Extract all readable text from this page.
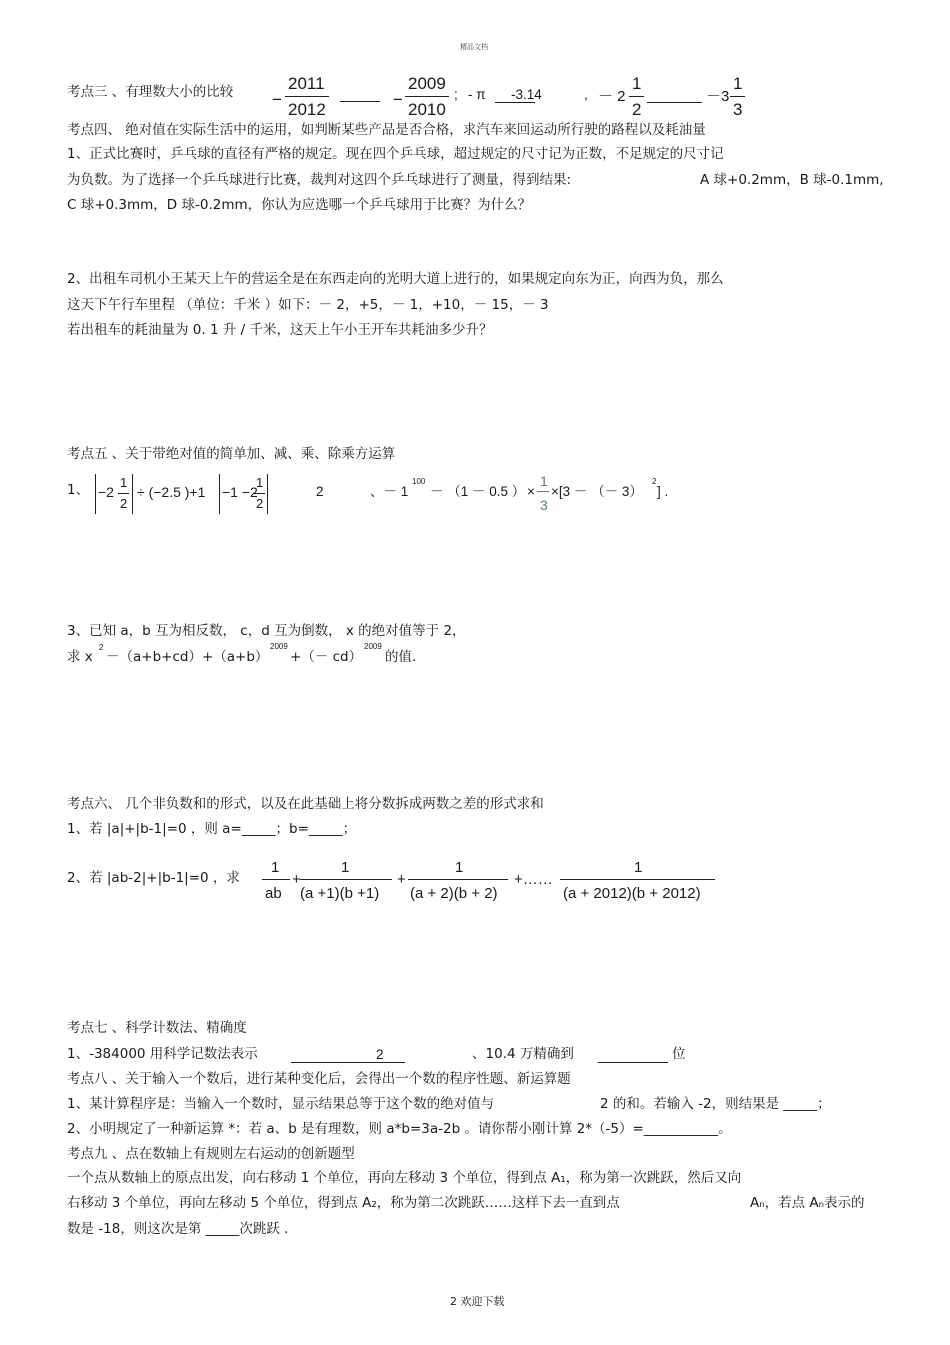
精品文档
2 欢迎下载
考点三 、有理数大小的比较 −
2011
2012
−
2009
2010
; - π -3.14	, － 2
1
2
－3
1
3
考点四、 绝对值在实际生活中的运用，如判断某些产品是否合格，求汽车来回运动所行驶的路程以及耗油量
1、正式比赛时，乒乓球的直径有严格的规定。现在四个乒乓球，超过规定的尺寸记为正数，不足规定的尺寸记
为负数。为了选择一个乒乓球进行比赛，裁判对这四个乒乓球进行了测量，得到结果:	A 球+0.2mm，B 球-0.1mm,
C 球+0.3mm，D 球-0.2mm，你认为应选哪一个乒乓球用于比赛？为什么？
2、出租车司机小王某天上午的营运全是在东西走向的光明大道上进行的，如果规定向东为正，向西为负，那么
这天下午行车里程 （单位：千米 ）如下：－ 2，+5，－ 1，+10，－ 15，－ 3
若出租车的耗油量为 0. 1 升 / 千米，这天上午小王开车共耗油多少升？
考点五 、关于带绝对值的简单加、减、乘、除乘方运算
1、 −2
1
2
÷ (−2.5 )+1 −1 −2
1
2
2	、－ 1
100
－ （1 － 0.5 ） ×
1
3
×[3 － （－ 3）
2
] .
3、已知 a，b 互为相反数， c，d 互为倒数， x 的绝对值等于 2，
求 x
2
－（a+b+cd）+（a+b）
2009
+（－ cd）
2009
的值.
考点六、 几个非负数和的形式，以及在此基础上将分数拆成两数之差的形式求和
1、若 |a|+|b-1|=0 ，则 a=_____；b=_____；
2、若 |ab-2|+|b-1|=0 ，求
1
ab
+
1
(a +1)(b +1)
+
1
(a + 2)(b + 2)
+……
1
(a + 2012)(b + 2012)
考点七 、科学计数法、精确度
1、-384000 用科学记数法表示	2	、10.4 万精确到	位
考点八 、关于输入一个数后，进行某种变化后，会得出一个数的程序性题、新运算题
1、某计算程序是：当输入一个数时，显示结果总等于这个数的绝对值与	2 的和。若输入 -2，则结果是 _____；
2、小明规定了一种新运算 *：若 a、b 是有理数，则 a*b=3a-2b 。请你帮小刚计算 2*（-5）=___________。
考点九 、点在数轴上有规则左右运动的创新题型
一个点从数轴上的原点出发，向右移动 1 个单位，再向左移动 3 个单位，得到点 A₁，称为第一次跳跃，然后又向
右移动 3 个单位，再向左移动 5 个单位，得到点 A₂，称为第二次跳跃……这样下去一直到点	Aₙ，若点 Aₙ表示的
数是 -18，则这次是第 _____次跳跃 .
